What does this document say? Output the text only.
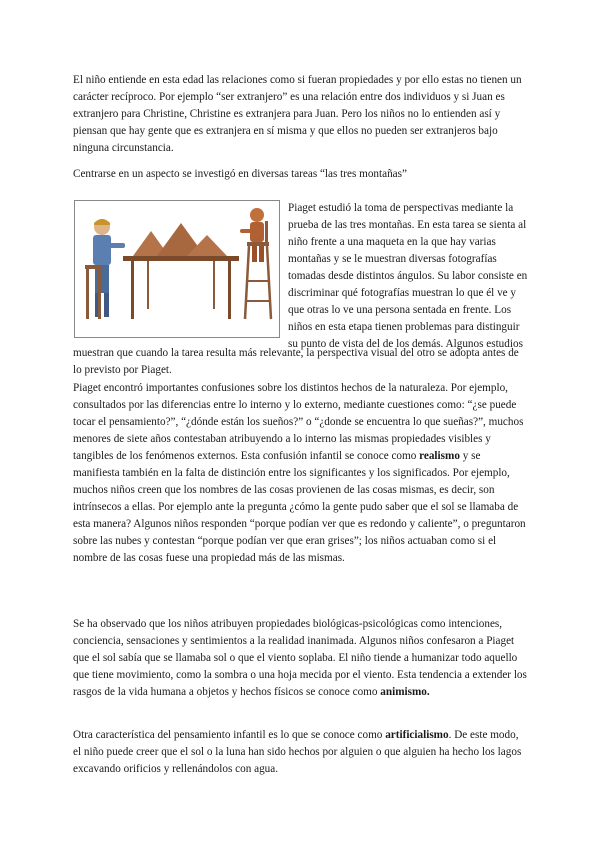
El niño entiende en esta edad las relaciones como si fueran propiedades y por ello estas no tienen un carácter recíproco. Por ejemplo “ser extranjero” es una relación entre dos individuos y si Juan es extranjero para Christine, Christine es extranjera para Juan. Pero los niños no lo entienden así y piensan que hay gente que es extranjera en sí misma y que ellos no pueden ser extranjeros bajo ninguna circunstancia.

Centrarse en un aspecto se investigó en diversas tareas “las tres montañas”

Piaget estudió la toma de perspectivas mediante la prueba de las tres montañas. En esta tarea se sienta al niño frente a una maqueta en la que hay varias montañas y se le muestran diversas fotografías tomadas desde distintos ángulos. Su labor consiste en discriminar qué fotografías muestran lo que él ve y que otras lo ve una persona sentada en frente. Los niños en esta etapa tienen problemas para distinguir su punto de vista del de los demás. Algunos estudios

muestran que cuando la tarea resulta más relevante, la perspectiva visual del otro se adopta antes de lo previsto por Piaget.

Piaget encontró importantes confusiones sobre los distintos hechos de la naturaleza. Por ejemplo, consultados por las diferencias entre lo interno y lo externo, mediante cuestiones como: “¿se puede tocar el pensamiento?”, “¿dónde están los sueños?” o “¿donde se encuentra lo que sueñas?”, muchos menores de siete años contestaban atribuyendo a lo interno las mismas propiedades visibles y tangibles de los fenómenos externos. Esta confusión infantil se conoce como realismo y se manifiesta también en la falta de distinción entre los significantes y los significados. Por ejemplo, muchos niños creen que los nombres de las cosas provienen de las cosas mismas, es decir, son intrínsecos a ellas. Por ejemplo ante la pregunta ¿cómo la gente pudo saber que el sol se llamaba de esta manera? Algunos niños responden “porque podían ver que es redondo y caliente”, o preguntaron sobre las nubes y contestan “porque podían ver que eran grises”; los niños actuaban como si el nombre de las cosas fuese una propiedad más de las mismas.

Se ha observado que los niños atribuyen propiedades biológicas-psicológicas como intenciones, conciencia, sensaciones y sentimientos a la realidad inanimada. Algunos niños confesaron a Piaget que el sol sabía que se llamaba sol o que el viento soplaba. El niño tiende a humanizar todo aquello que tiene movimiento, como la sombra o una hoja mecida por el viento. Esta tendencia a extender los rasgos de la vida humana a objetos y hechos físicos se conoce como animismo.

Otra característica del pensamiento infantil es lo que se conoce como artificialismo. De este modo, el niño puede creer que el sol o la luna han sido hechos por alguien o que alguien ha hecho los lagos excavando orificios y rellenándolos con agua.
